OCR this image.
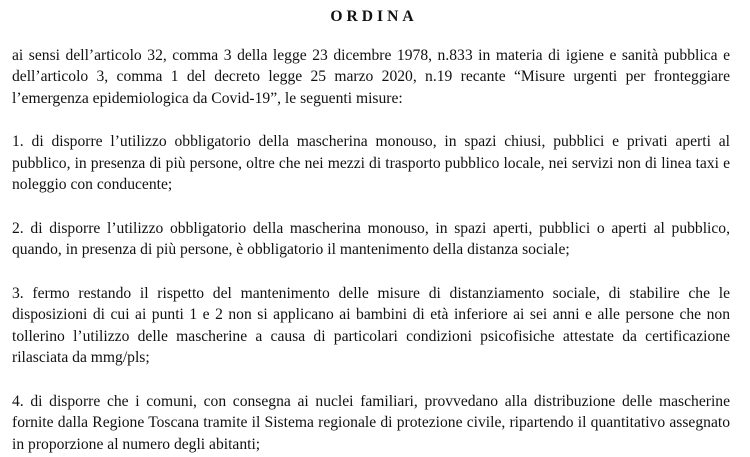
ORDINA
ai sensi dell’articolo 32, comma 3 della legge 23 dicembre 1978, n.833 in materia di igiene e sanità pubblica e dell’articolo 3, comma 1 del decreto legge 25 marzo 2020, n.19 recante “Misure urgenti per fronteggiare l’emergenza epidemiologica da Covid-19”, le seguenti misure:
1. di disporre l’utilizzo obbligatorio della mascherina monouso, in spazi chiusi, pubblici e privati aperti al pubblico, in presenza di più persone, oltre che nei mezzi di trasporto pubblico locale, nei servizi non di linea taxi e noleggio con conducente;
2. di disporre l’utilizzo obbligatorio della mascherina monouso, in spazi aperti, pubblici o aperti al pubblico, quando, in presenza di più persone, è obbligatorio il mantenimento della distanza sociale;
3. fermo restando il rispetto del mantenimento delle misure di distanziamento sociale, di stabilire che le disposizioni di cui ai punti 1 e 2 non si applicano ai bambini di età inferiore ai sei anni e alle persone che non tollerino l’utilizzo delle mascherine a causa di particolari condizioni psicofisiche attestate da certificazione rilasciata da mmg/pls;
4. di disporre che i comuni, con consegna ai nuclei familiari, provvedano alla distribuzione delle mascherine fornite dalla Regione Toscana tramite il Sistema regionale di protezione civile, ripartendo il quantitativo assegnato in proporzione al numero degli abitanti;
